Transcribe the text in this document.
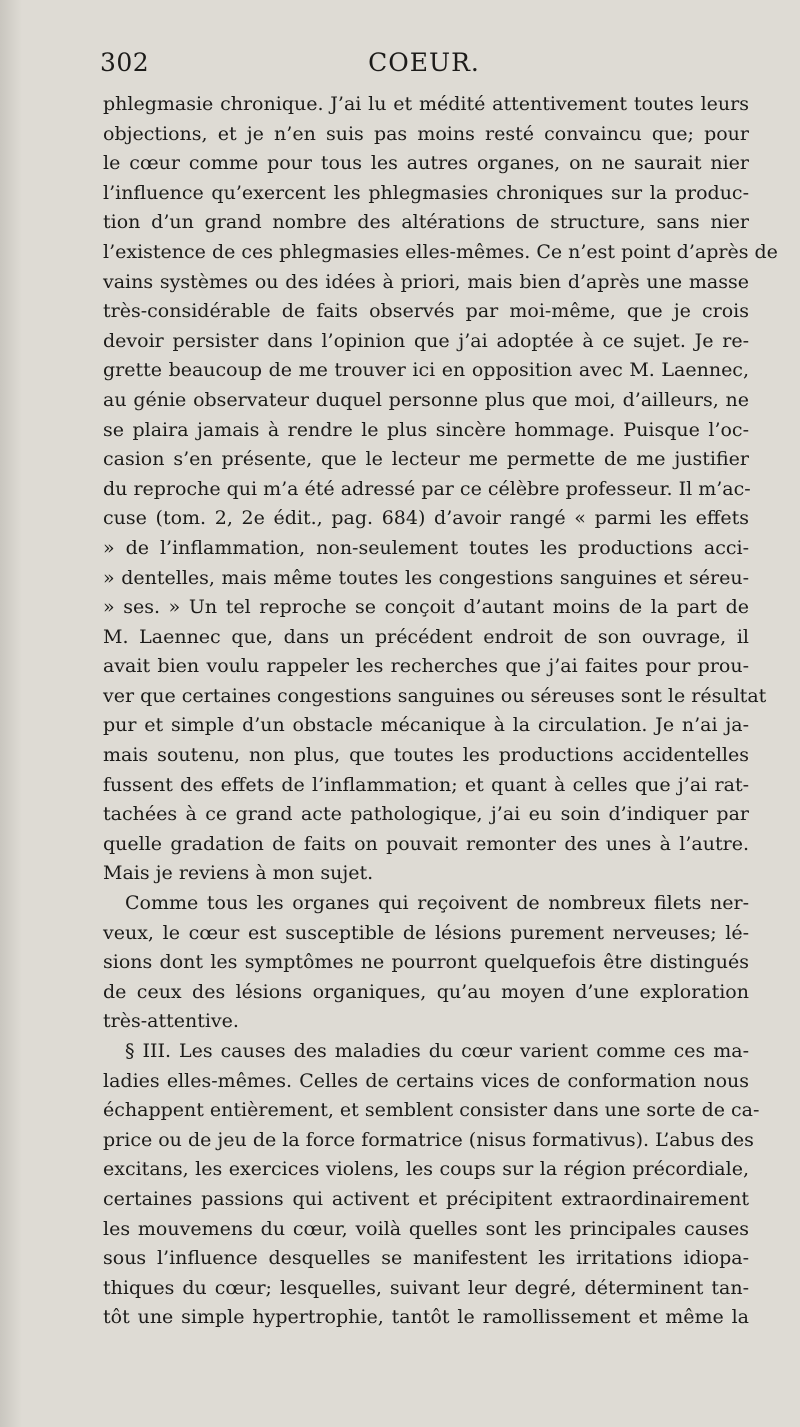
302	COEUR.
phlegmasie chronique. J’ai lu et médité attentivement toutes leurs
objections, et je n’en suis pas moins resté convaincu que; pour
le cœur comme pour tous les autres organes, on ne saurait nier
l’influence qu’exercent les phlegmasies chroniques sur la produc-
tion d’un grand nombre des altérations de structure, sans nier
l’existence de ces phlegmasies elles-mêmes. Ce n’est point d’après de
vains systèmes ou des idées à priori, mais bien d’après une masse
très-considérable de faits observés par moi-même, que je crois
devoir persister dans l’opinion que j’ai adoptée à ce sujet. Je re-
grette beaucoup de me trouver ici en opposition avec M. Laennec,
au génie observateur duquel personne plus que moi, d’ailleurs, ne
se plaira jamais à rendre le plus sincère hommage. Puisque l’oc-
casion s’en présente, que le lecteur me permette de me justifier
du reproche qui m’a été adressé par ce célèbre professeur. Il m’ac-
cuse (tom. 2, 2e édit., pag. 684) d’avoir rangé « parmi les effets
» de l’inflammation, non-seulement toutes les productions acci-
» dentelles, mais même toutes les congestions sanguines et séreu-
» ses. » Un tel reproche se conçoit d’autant moins de la part de
M. Laennec que, dans un précédent endroit de son ouvrage, il
avait bien voulu rappeler les recherches que j’ai faites pour prou-
ver que certaines congestions sanguines ou séreuses sont le résultat
pur et simple d’un obstacle mécanique à la circulation. Je n’ai ja-
mais soutenu, non plus, que toutes les productions accidentelles
fussent des effets de l’inflammation; et quant à celles que j’ai rat-
tachées à ce grand acte pathologique, j’ai eu soin d’indiquer par
quelle gradation de faits on pouvait remonter des unes à l’autre.
Mais je reviens à mon sujet.
Comme tous les organes qui reçoivent de nombreux filets ner-
veux, le cœur est susceptible de lésions purement nerveuses; lé-
sions dont les symptômes ne pourront quelquefois être distingués
de ceux des lésions organiques, qu’au moyen d’une exploration
très-attentive.
§ III. Les causes des maladies du cœur varient comme ces ma-
ladies elles-mêmes. Celles de certains vices de conformation nous
échappent entièrement, et semblent consister dans une sorte de ca-
price ou de jeu de la force formatrice (nisus formativus). L’abus des
excitans, les exercices violens, les coups sur la région précordiale,
certaines passions qui activent et précipitent extraordinairement
les mouvemens du cœur, voilà quelles sont les principales causes
sous l’influence desquelles se manifestent les irritations idiopa-
thiques du cœur; lesquelles, suivant leur degré, déterminent tan-
tôt une simple hypertrophie, tantôt le ramollissement et même la
